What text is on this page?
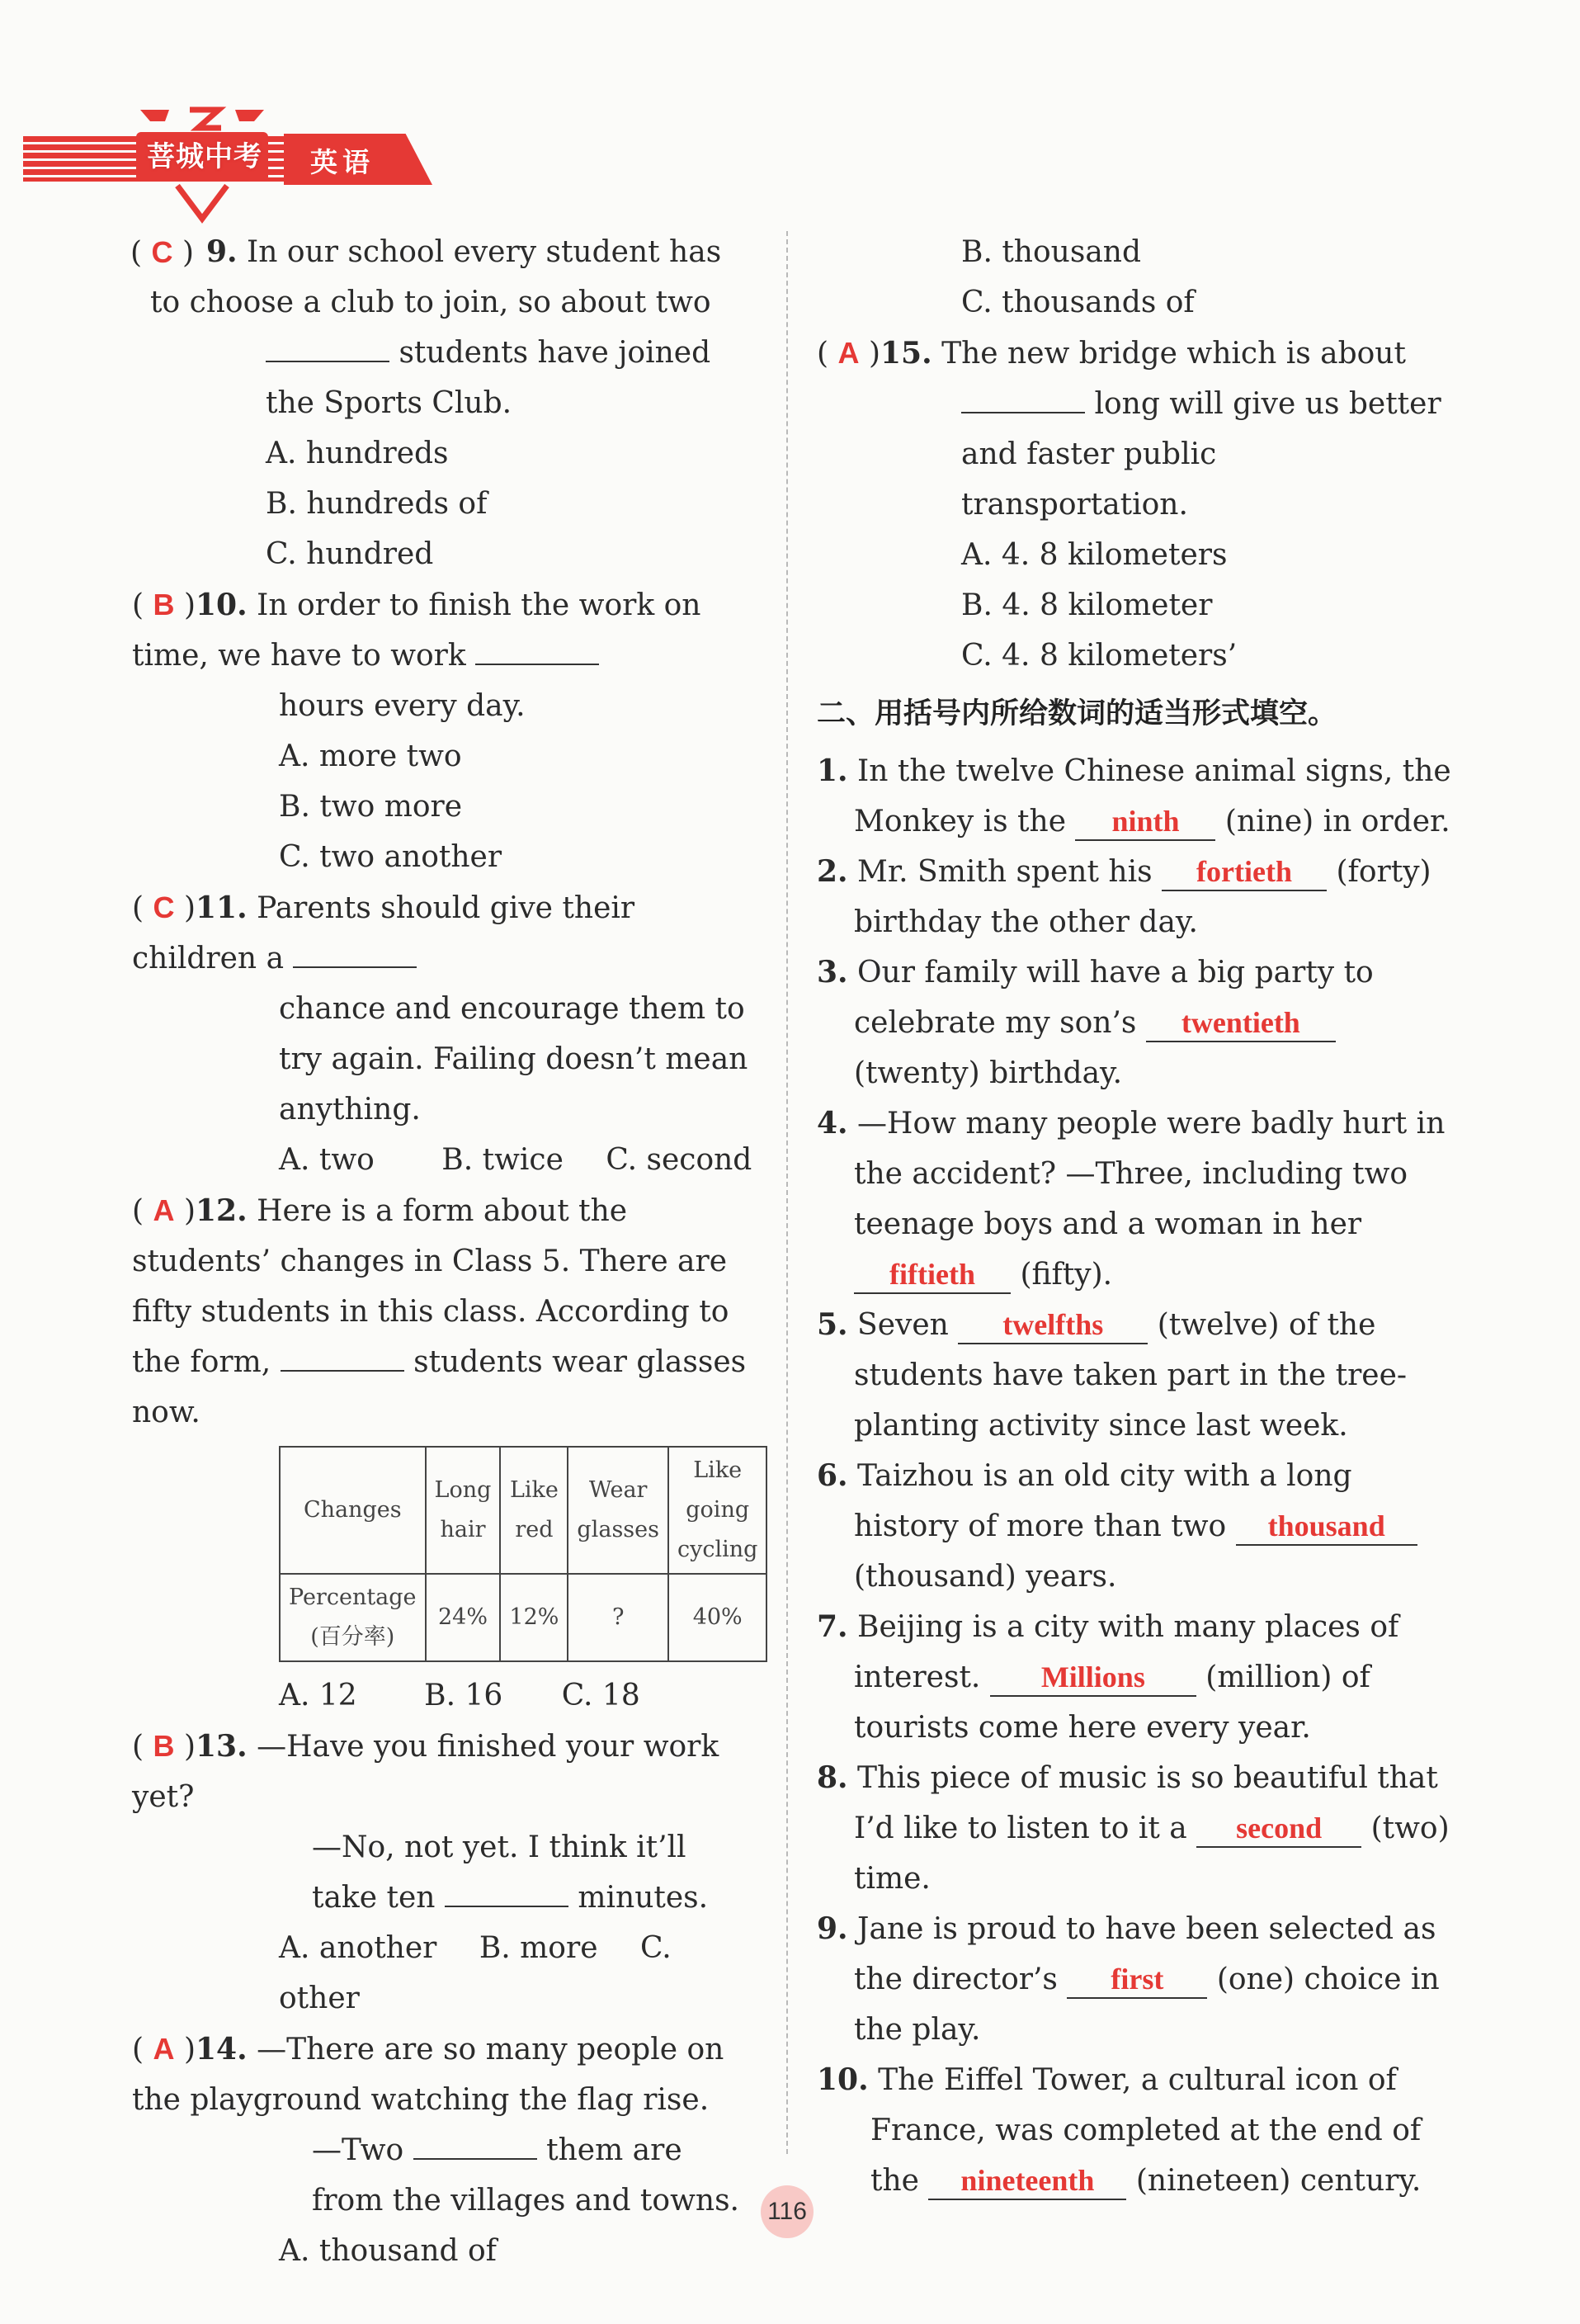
菩城中考 英语
( C ) 9. In our school every student has to choose a club to join, so about two
students have joined the Sports Club.
A. hundreds
B. hundreds of
C. hundred
( B )10. In order to finish the work on time, we have to work
hours every day.
A. more two
B. two more
C. two another
( C )11. Parents should give their children a
chance and encourage them to try again. Failing doesn’t mean anything.
A. two B. twice C. second
( A )12. Here is a form about the students’ changes in Class 5. There are fifty students in this class. According to the form,	students wear glasses now.
Changes	Long hair	Like red	Wear glasses	Like going cycling
Percentage (百分率)	24%	12%	?	40%
A. 12 B. 16 C. 18
( B )13. —Have you finished your work yet?
—No, not yet. I think it’ll take ten	minutes.
A. another B. more C. other
( A )14. —There are so many people on the playground watching the flag rise.
—Two	them are from the villages and towns.
A. thousand of
B. thousand
C. thousands of
( A )15. The new bridge which is about
long will give us better and faster public transportation.
A. 4. 8 kilometers
B. 4. 8 kilometer
C. 4. 8 kilometers’
二、用括号内所给数词的适当形式填空。
1. In the twelve Chinese animal signs, the Monkey is the ninth (nine) in order.
2. Mr. Smith spent his fortieth (forty) birthday the other day.
3. Our family will have a big party to celebrate my son’s twentieth (twenty) birthday.
4. —How many people were badly hurt in the accident? —Three, including two teenage boys and a woman in her fiftieth (fifty).
5. Seven twelfths (twelve) of the students have taken part in the tree-planting activity since last week.
6. Taizhou is an old city with a long history of more than two thousand (thousand) years.
7. Beijing is a city with many places of interest. Millions (million) of tourists come here every year.
8. This piece of music is so beautiful that I’d like to listen to it a second (two) time.
9. Jane is proud to have been selected as the director’s first (one) choice in the play.
10. The Eiffel Tower, a cultural icon of France, was completed at the end of the nineteenth (nineteen) century.
116
